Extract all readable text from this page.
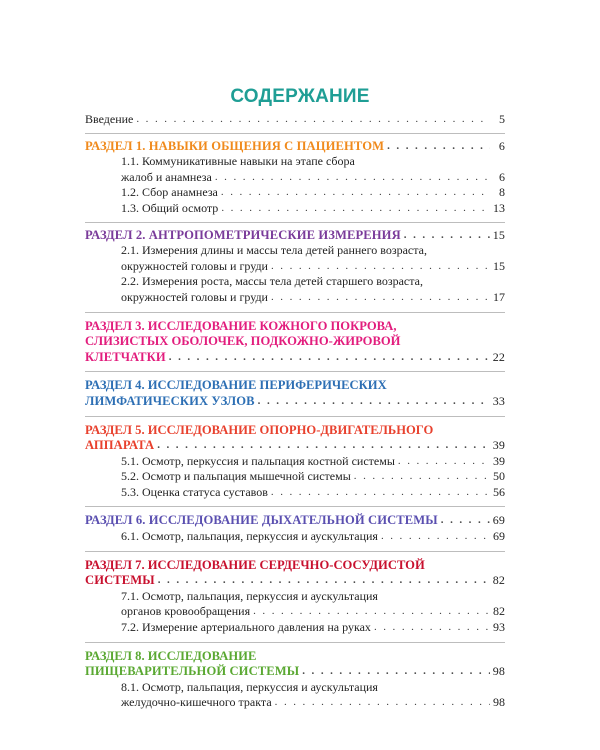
СОДЕРЖАНИЕ
Введение . . .	5
РАЗДЕЛ 1. НАВЫКИ ОБЩЕНИЯ С ПАЦИЕНТОМ . . .	6
1.1. Коммуникативные навыки на этапе сбора
жалоб и анамнеза . . .	6
1.2. Сбор анамнеза . . .	8
1.3. Общий осмотр . . .	13
РАЗДЕЛ 2. АНТРОПОМЕТРИЧЕСКИЕ ИЗМЕРЕНИЯ . . .	15
2.1. Измерения длины и массы тела детей раннего возраста,
окружностей головы и груди . . .	15
2.2. Измерения роста, массы тела детей старшего возраста,
окружностей головы и груди . . .	17
РАЗДЕЛ 3. ИССЛЕДОВАНИЕ КОЖНОГО ПОКРОВА,
СЛИЗИСТЫХ ОБОЛОЧЕК, ПОДКОЖНО-ЖИРОВОЙ
КЛЕТЧАТКИ . . .	22
РАЗДЕЛ 4. ИССЛЕДОВАНИЕ ПЕРИФЕРИЧЕСКИХ
ЛИМФАТИЧЕСКИХ УЗЛОВ . . .	33
РАЗДЕЛ 5. ИССЛЕДОВАНИЕ ОПОРНО-ДВИГАТЕЛЬНОГО
АППАРАТА . . .	39
5.1. Осмотр, перкуссия и пальпация костной системы . . .	39
5.2. Осмотр и пальпация мышечной системы . . .	50
5.3. Оценка статуса суставов . . .	56
РАЗДЕЛ 6. ИССЛЕДОВАНИЕ ДЫХАТЕЛЬНОЙ СИСТЕМЫ . . .	69
6.1. Осмотр, пальпация, перкуссия и аускультация . . .	69
РАЗДЕЛ 7. ИССЛЕДОВАНИЕ СЕРДЕЧНО-СОСУДИСТОЙ
СИСТЕМЫ . . .	82
7.1. Осмотр, пальпация, перкуссия и аускультация
органов кровообращения . . .	82
7.2. Измерение артериального давления на руках . . .	93
РАЗДЕЛ 8. ИССЛЕДОВАНИЕ
ПИЩЕВАРИТЕЛЬНОЙ СИСТЕМЫ . . .	98
8.1. Осмотр, пальпация, перкуссия и аускультация
желудочно-кишечного тракта . . .	98
